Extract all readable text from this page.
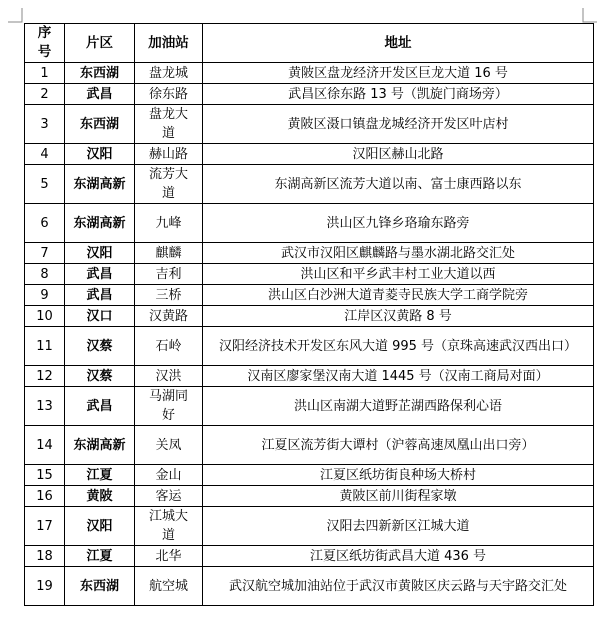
序号	片区	加油站	地址
1	东西湖	盘龙城	黄陂区盘龙经济开发区巨龙大道 16 号
2	武昌	徐东路	武昌区徐东路 13 号（凯旋门商场旁）
3	东西湖	盘龙大道	黄陂区滠口镇盘龙城经济开发区叶店村
4	汉阳	赫山路	汉阳区赫山北路
5	东湖高新	流芳大道	东湖高新区流芳大道以南、富士康西路以东
6	东湖高新	九峰	洪山区九锋乡珞瑜东路旁
7	汉阳	麒麟	武汉市汉阳区麒麟路与墨水湖北路交汇处
8	武昌	吉利	洪山区和平乡武丰村工业大道以西
9	武昌	三桥	洪山区白沙洲大道青菱寺民族大学工商学院旁
10	汉口	汉黄路	江岸区汉黄路 8 号
11	汉蔡	石岭	汉阳经济技术开发区东风大道 995 号（京珠高速武汉西出口）
12	汉蔡	汉洪	汉南区廖家堡汉南大道 1445 号（汉南工商局对面）
13	武昌	马湖同好	洪山区南湖大道野芷湖西路保利心语
14	东湖高新	关凤	江夏区流芳街大谭村（沪蓉高速凤凰山出口旁）
15	江夏	金山	江夏区纸坊街良种场大桥村
16	黄陂	客运	黄陂区前川街程家墩
17	汉阳	江城大道	汉阳去四新新区江城大道
18	江夏	北华	江夏区纸坊街武昌大道 436 号
19	东西湖	航空城	武汉航空城加油站位于武汉市黄陂区庆云路与天宇路交汇处
